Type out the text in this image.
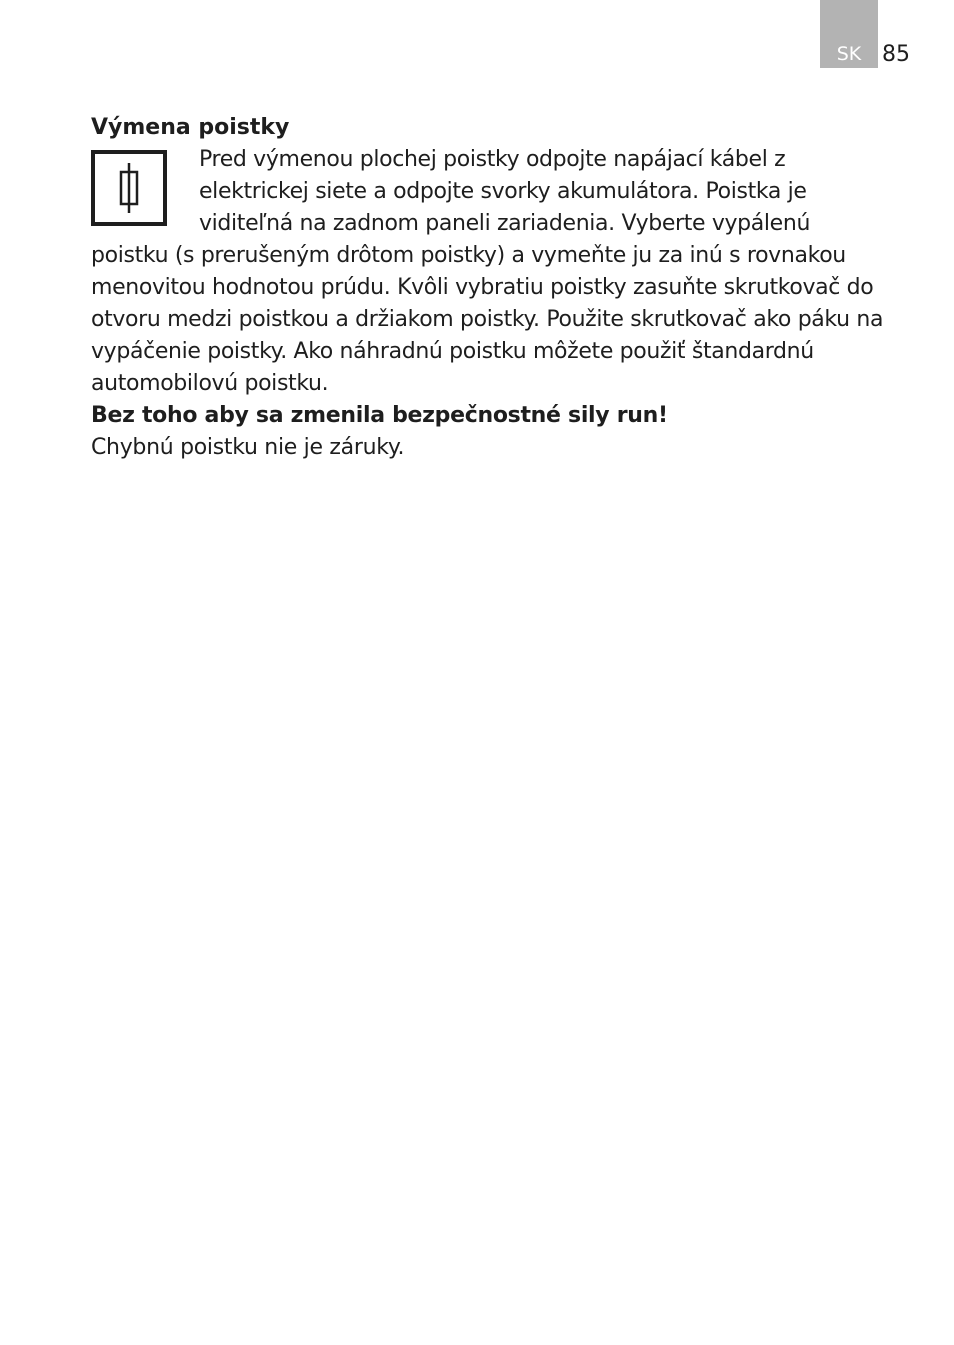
SK 85
Výmena poistky

Pred výmenou plochej poistky odpojte napájací kábel z elektrickej siete a odpojte svorky akumulátora. Poistka je viditeľná na zadnom paneli zariadenia. Vyberte vypálenú poistku (s prerušeným drôtom poistky) a vymeňte ju za inú s rovnakou menovitou hodnotou prúdu. Kvôli vybratiu poistky zasuňte skrutkovač do otvoru medzi poistkou a držiakom poistky. Použite skrutkovač ako páku na vypáčenie poistky. Ako náhradnú poistku môžete použiť štandardnú automobilovú poistku.

Bez toho aby sa zmenila bezpečnostné sily run!

Chybnú poistku nie je záruky.
